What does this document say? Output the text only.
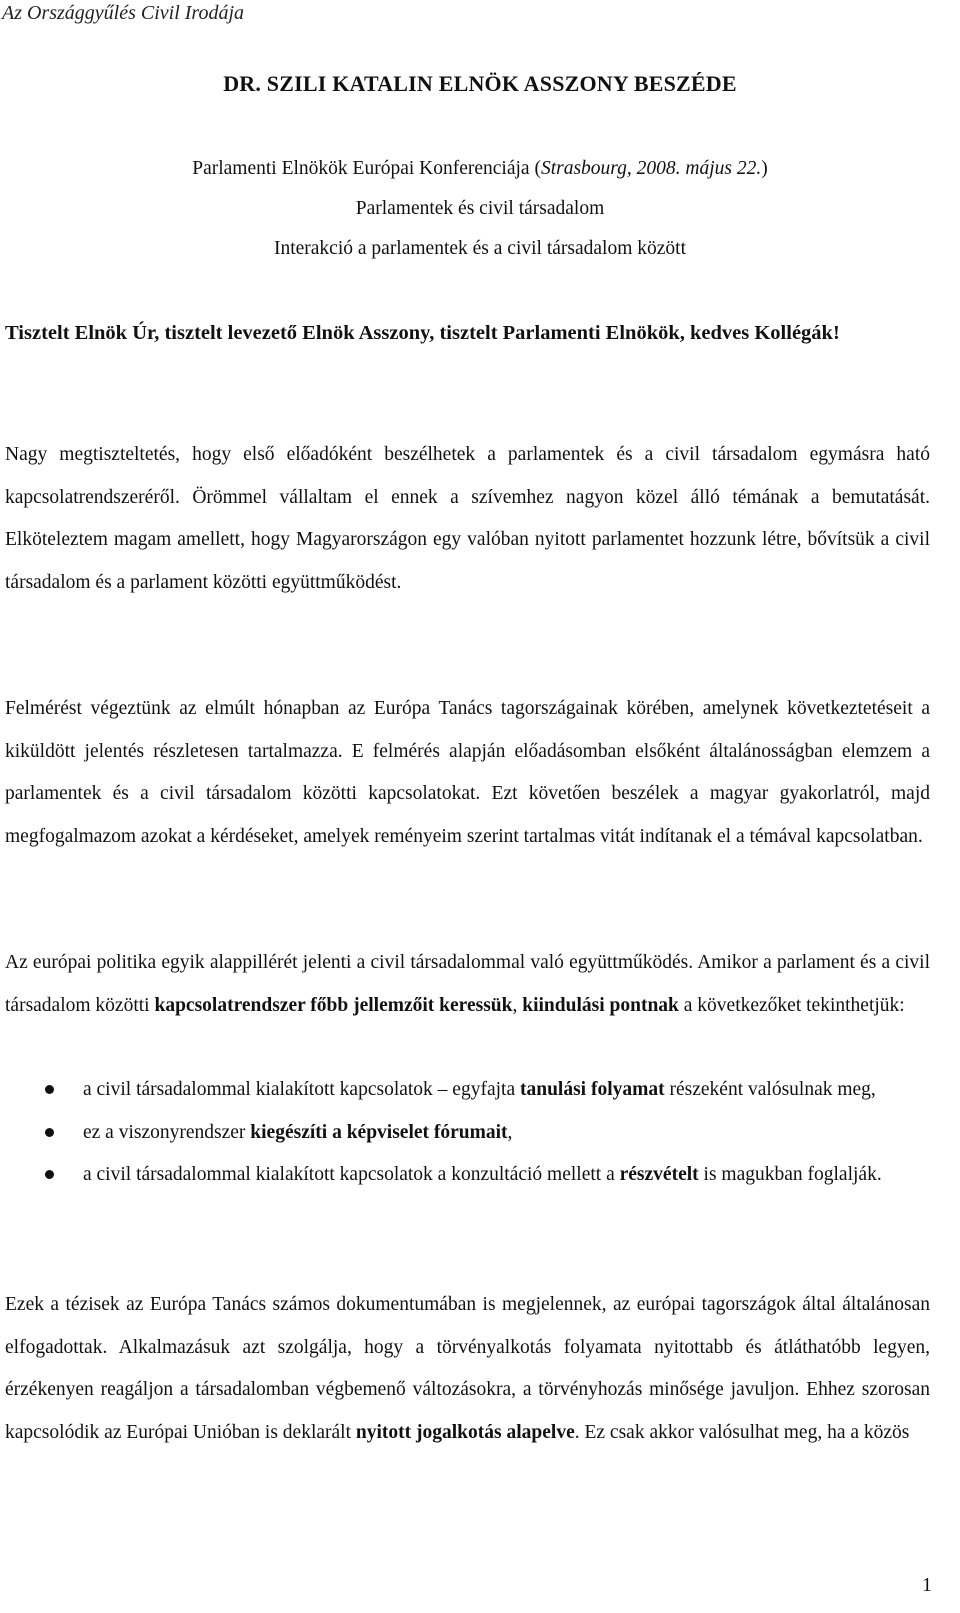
Az Országgyűlés Civil Irodája
DR. SZILI KATALIN ELNÖK ASSZONY BESZÉDE
Parlamenti Elnökök Európai Konferenciája (Strasbourg, 2008. május 22.)
Parlamentek és civil társadalom
Interakció a parlamentek és a civil társadalom között
Tisztelt Elnök Úr, tisztelt levezető Elnök Asszony, tisztelt Parlamenti Elnökök, kedves Kollégák!

Nagy megtiszteltetés, hogy első előadóként beszélhetek a parlamentek és a civil társadalom egymásra ható kapcsolatrendszeréről. Örömmel vállaltam el ennek a szívemhez nagyon közel álló témának a bemutatását. Elköteleztem magam amellett, hogy Magyarországon egy valóban nyitott parlamentet hozzunk létre, bővítsük a civil társadalom és a parlament közötti együttműködést.

Felmérést végeztünk az elmúlt hónapban az Európa Tanács tagországainak körében, amelynek következtetéseit a kiküldött jelentés részletesen tartalmazza. E felmérés alapján előadásomban elsőként általánosságban elemzem a parlamentek és a civil társadalom közötti kapcsolatokat. Ezt követően beszélek a magyar gyakorlatról, majd megfogalmazom azokat a kérdéseket, amelyek reményeim szerint tartalmas vitát indítanak el a témával kapcsolatban.

Az európai politika egyik alappillérét jelenti a civil társadalommal való együttműködés. Amikor a parlament és a civil társadalom közötti kapcsolatrendszer főbb jellemzőit keressük, kiindulási pontnak a következőket tekinthetjük:

a civil társadalommal kialakított kapcsolatok – egyfajta tanulási folyamat részeként valósulnak meg,
ez a viszonyrendszer kiegészíti a képviselet fórumait,
a civil társadalommal kialakított kapcsolatok a konzultáció mellett a részvételt is magukban foglalják.

Ezek a tézisek az Európa Tanács számos dokumentumában is megjelennek, az európai tagországok által általánosan elfogadottak. Alkalmazásuk azt szolgálja, hogy a törvényalkotás folyamata nyitottabb és átláthatóbb legyen, érzékenyen reagáljon a társadalomban végbemenő változásokra, a törvényhozás minősége javuljon. Ehhez szorosan kapcsolódik az Európai Unióban is deklarált nyitott jogalkotás alapelve. Ez csak akkor valósulhat meg, ha a közös

1
